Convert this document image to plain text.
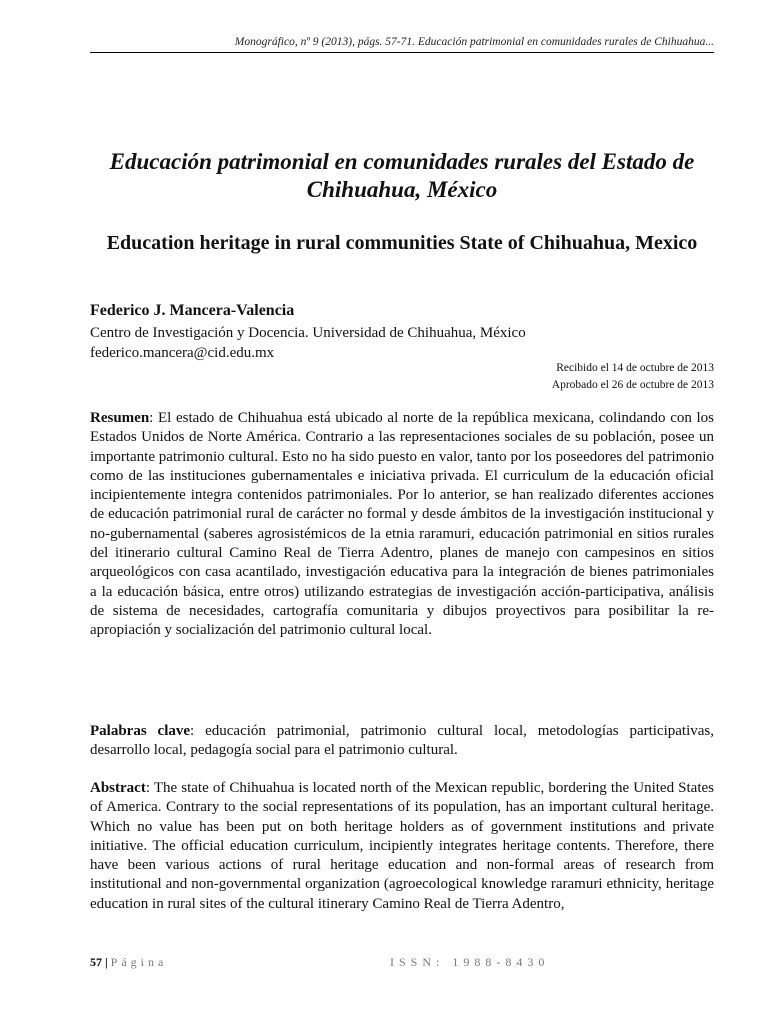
Monográfico, nº 9 (2013), págs. 57-71. Educación patrimonial en comunidades rurales de Chihuahua...
Educación patrimonial en comunidades rurales del Estado de Chihuahua, México
Education heritage in rural communities State of Chihuahua, Mexico
Federico J. Mancera-Valencia
Centro de Investigación y Docencia. Universidad de Chihuahua, México
federico.mancera@cid.edu.mx
Recibido el 14 de octubre de 2013
Aprobado el 26 de octubre de 2013
Resumen: El estado de Chihuahua está ubicado al norte de la república mexicana, colindando con los Estados Unidos de Norte América. Contrario a las representaciones sociales de su población, posee un importante patrimonio cultural. Esto no ha sido puesto en valor, tanto por los poseedores del patrimonio como de las instituciones gubernamentales e iniciativa privada. El curriculum de la educación oficial incipientemente integra contenidos patrimoniales. Por lo anterior, se han realizado diferentes acciones de educación patrimonial rural de carácter no formal y desde ámbitos de la investigación institucional y no-gubernamental (saberes agrosistémicos de la etnia raramuri, educación patrimonial en sitios rurales del itinerario cultural Camino Real de Tierra Adentro, planes de manejo con campesinos en sitios arqueológicos con casa acantilado, investigación educativa para la integración de bienes patrimoniales a la educación básica, entre otros) utilizando estrategias de investigación acción-participativa, análisis de sistema de necesidades, cartografía comunitaria y dibujos proyectivos para posibilitar la re-apropiación y socialización del patrimonio cultural local.
Palabras clave: educación patrimonial, patrimonio cultural local, metodologías participativas, desarrollo local, pedagogía social para el patrimonio cultural.
Abstract: The state of Chihuahua is located north of the Mexican republic, bordering the United States of America. Contrary to the social representations of its population, has an important cultural heritage. Which no value has been put on both heritage holders as of government institutions and private initiative. The official education curriculum, incipiently integrates heritage contents. Therefore, there have been various actions of rural heritage education and non-formal areas of research from institutional and non-governmental organization (agroecological knowledge raramuri ethnicity, heritage education in rural sites of the cultural itinerary Camino Real de Tierra Adentro,
57 | Página	ISSN: 1988-8430
